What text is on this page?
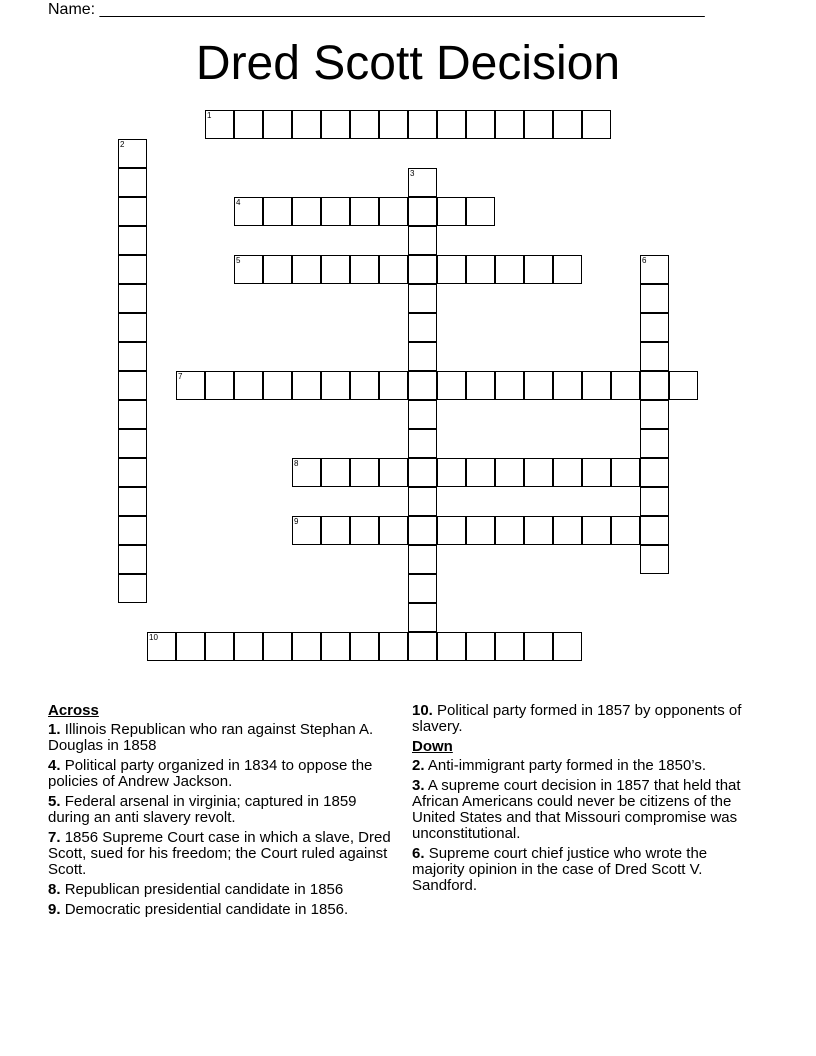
Name: ____________________________________________________________________
Dred Scott Decision
1
2
3
4
5	6
7
8
9
10
Across
1. Illinois Republican who ran against Stephan A. Douglas in 1858
4. Political party organized in 1834 to oppose the policies of Andrew Jackson.
5. Federal arsenal in virginia; captured in 1859 during an anti slavery revolt.
7. 1856 Supreme Court case in which a slave, Dred Scott, sued for his freedom; the Court ruled against Scott.
8. Republican presidential candidate in 1856
9. Democratic presidential candidate in 1856.
10. Political party formed in 1857 by opponents of slavery.
Down
2. Anti-immigrant party formed in the 1850’s.
3. A supreme court decision in 1857 that held that African Americans could never be citizens of the United States and that Missouri compromise was unconstitutional.
6. Supreme court chief justice who wrote the majority opinion in the case of Dred Scott V. Sandford.
